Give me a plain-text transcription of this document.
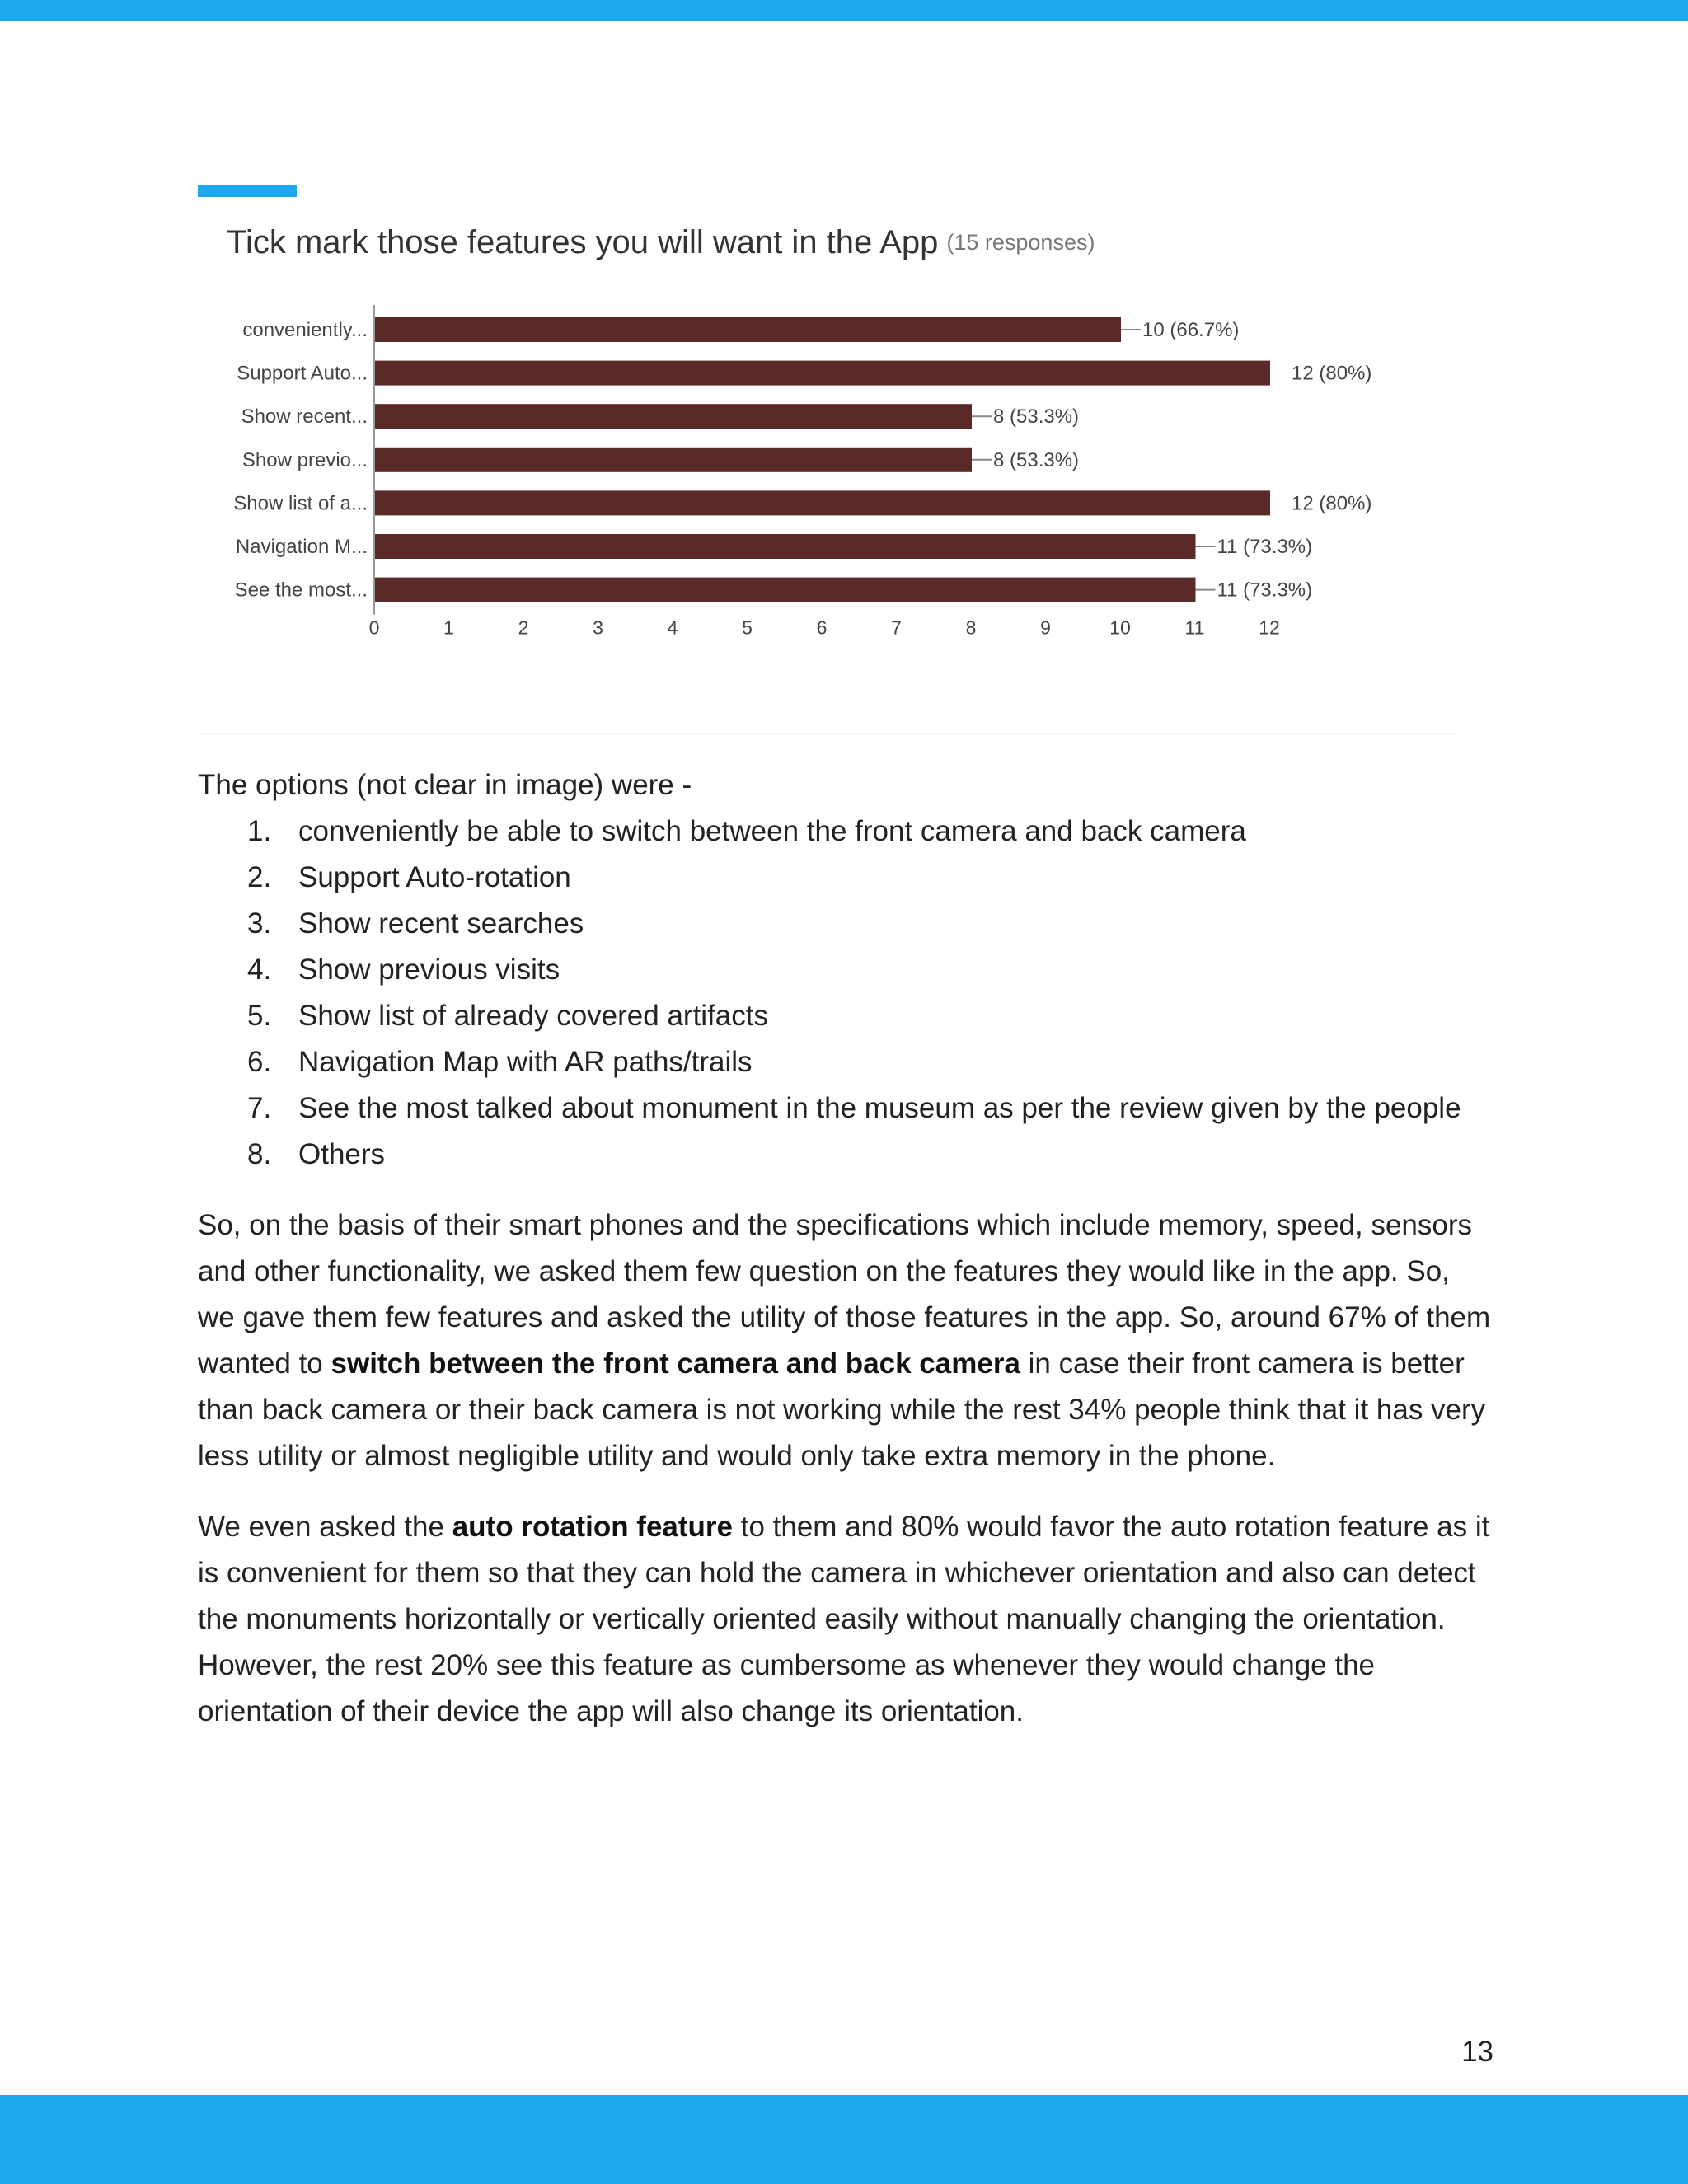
Tick mark those features you will want in the App (15 responses)
conveniently...	10 (66.7%)
Support Auto...	12 (80%)
Show recent...	8 (53.3%)
Show previo...	8 (53.3%)
Show list of a...	12 (80%)
Navigation M...	11 (73.3%)
See the most...	11 (73.3%)
0	1	2	3	4	5	6	7	8	9	10	11	12

The options (not clear in image) were -

1. conveniently be able to switch between the front camera and back camera
2. Support Auto-rotation
3. Show recent searches
4. Show previous visits
5. Show list of already covered artifacts
6. Navigation Map with AR paths/trails
7. See the most talked about monument in the museum as per the review given by the people
8. Others

So, on the basis of their smart phones and the specifications which include memory, speed, sensors and other functionality, we asked them few question on the features they would like in the app. So, we gave them few features and asked the utility of those features in the app. So, around 67% of them wanted to switch between the front camera and back camera in case their front camera is better than back camera or their back camera is not working while the rest 34% people think that it has very less utility or almost negligible utility and would only take extra memory in the phone.

We even asked the auto rotation feature to them and 80% would favor the auto rotation feature as it is convenient for them so that they can hold the camera in whichever orientation and also can detect the monuments horizontally or vertically oriented easily without manually changing the orientation. However, the rest 20% see this feature as cumbersome as whenever they would change the orientation of their device the app will also change its orientation.

13
